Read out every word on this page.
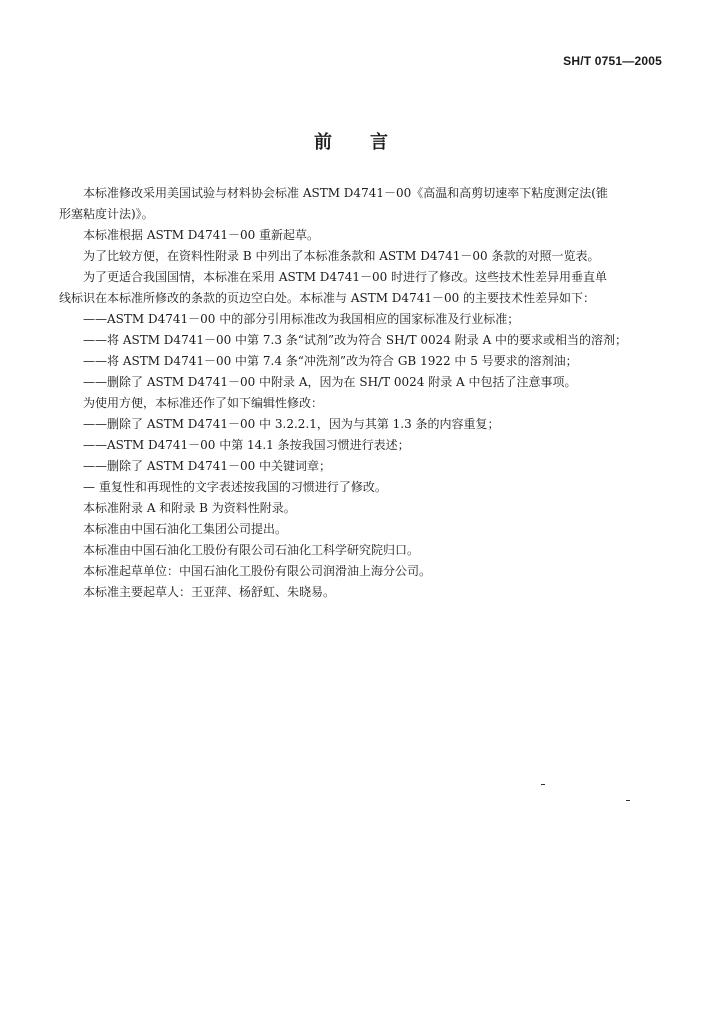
SH/T 0751—2005
前言

本标准修改采用美国试验与材料协会标准 ASTM D4741－00《高温和高剪切速率下粘度测定法(锥

形塞粘度计法)》。

本标准根据 ASTM D4741－00 重新起草。

为了比较方便，在资料性附录 B 中列出了本标准条款和 ASTM D4741－00 条款的对照一览表。

为了更适合我国国情，本标准在采用 ASTM D4741－00 时进行了修改。这些技术性差异用垂直单

线标识在本标准所修改的条款的页边空白处。本标准与 ASTM D4741－00 的主要技术性差异如下：

——ASTM D4741－00 中的部分引用标准改为我国相应的国家标准及行业标准；

——将 ASTM D4741－00 中第 7.3 条“试剂”改为符合 SH/T 0024 附录 A 中的要求或相当的溶剂；

——将 ASTM D4741－00 中第 7.4 条“冲洗剂”改为符合 GB 1922 中 5 号要求的溶剂油；

——删除了 ASTM D4741－00 中附录 A，因为在 SH/T 0024 附录 A 中包括了注意事项。

为使用方便，本标准还作了如下编辑性修改：

——删除了 ASTM D4741－00 中 3.2.2.1，因为与其第 1.3 条的内容重复；

——ASTM D4741－00 中第 14.1 条按我国习惯进行表述；

——删除了 ASTM D4741－00 中关键词章；

— 重复性和再现性的文字表述按我国的习惯进行了修改。

本标准附录 A 和附录 B 为资料性附录。

本标准由中国石油化工集团公司提出。

本标准由中国石油化工股份有限公司石油化工科学研究院归口。

本标准起草单位：中国石油化工股份有限公司润滑油上海分公司。

本标准主要起草人：王亚萍、杨舒虹、朱晓易。
